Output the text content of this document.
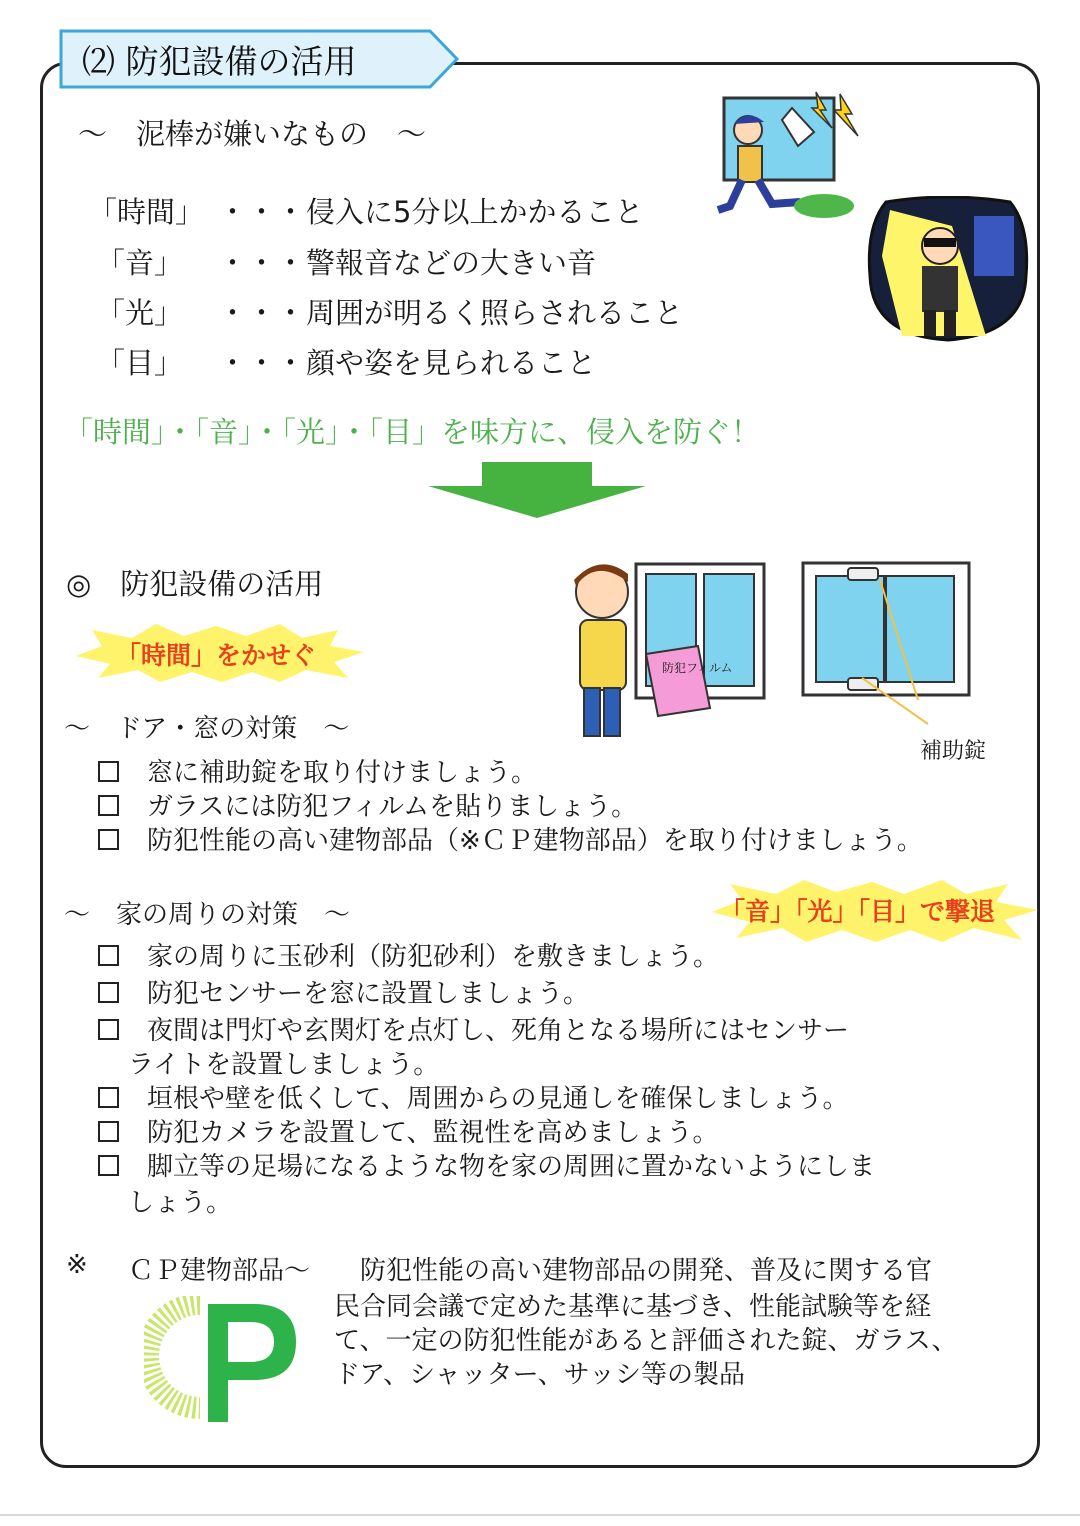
⑵ 防犯設備の活用
～　泥棒が嫌いなもの　～
「時間」 ・・・ 侵入に5分以上かかること
「音」 ・・・ 警報音などの大きい音
「光」 ・・・ 周囲が明るく照らされること
「目」 ・・・ 顔や姿を見られること
「時間」・「音」・「光」・「目」を味方に、侵入を防ぐ！
◎　防犯設備の活用
「時間」をかせぐ	防犯フィルム
補助錠
～　ドア・窓の対策　～
窓に補助錠を取り付けましょう。
ガラスには防犯フィルムを貼りましょう。
防犯性能の高い建物部品（※ＣＰ建物部品）を取り付けましょう。
「音」「光」「目」で撃退
～　家の周りの対策　～
家の周りに玉砂利（防犯砂利）を敷きましょう。
防犯センサーを窓に設置しましょう。
夜間は門灯や玄関灯を点灯し、死角となる場所にはセンサー
ライトを設置しましょう。
垣根や壁を低くして、周囲からの見通しを確保しましょう。
防犯カメラを設置して、監視性を高めましょう。
脚立等の足場になるような物を家の周囲に置かないようにしま
しょう。
※ ＣＰ建物部品～ 防犯性能の高い建物部品の開発、普及に関する官
民合同会議で定めた基準に基づき、性能試験等を経
て、一定の防犯性能があると評価された錠、ガラス、
ドア、シャッター、サッシ等の製品
